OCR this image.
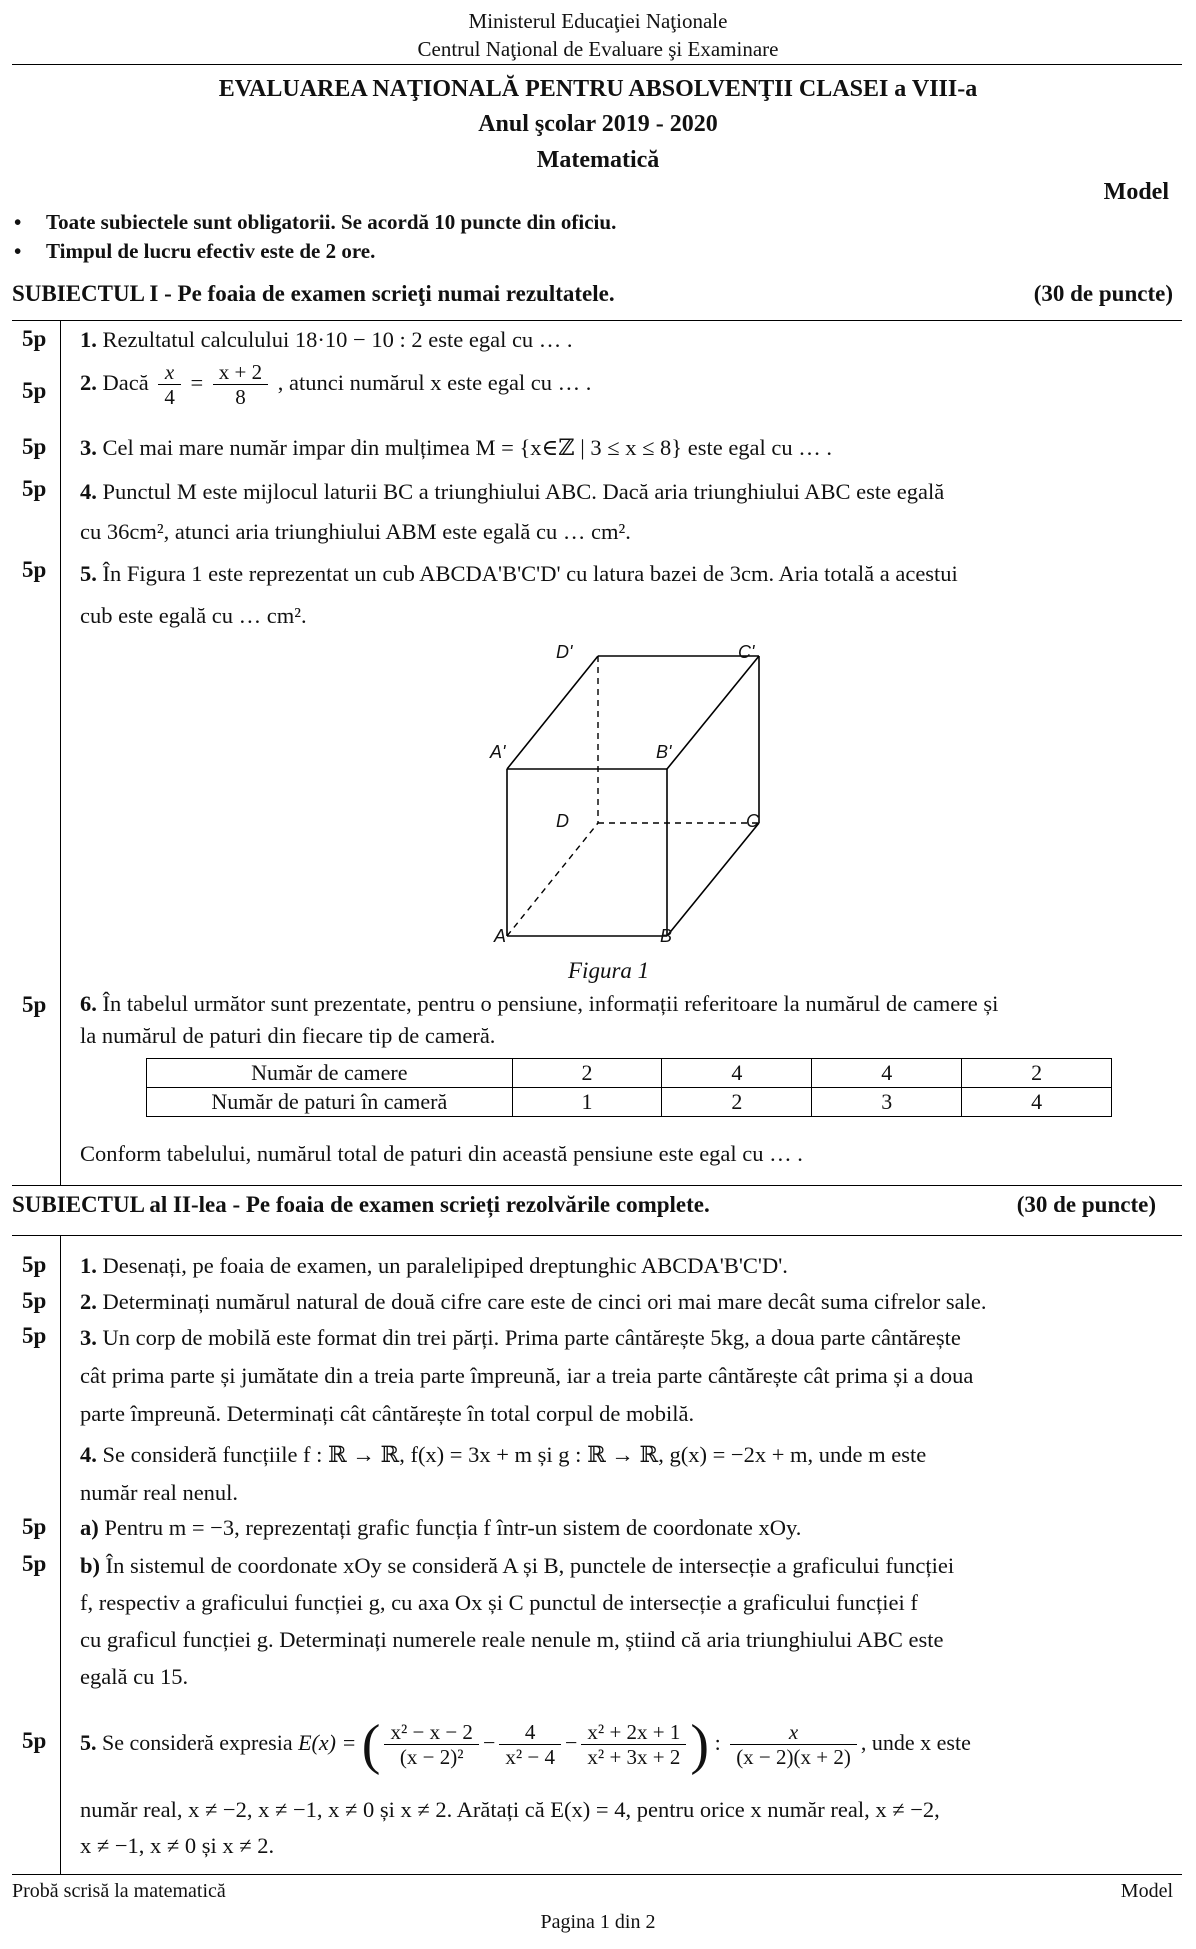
Ministerul Educaţiei Naţionale
Centrul Naţional de Evaluare şi Examinare
EVALUAREA NAŢIONALĂ PENTRU ABSOLVENŢII CLASEI a VIII-a
Anul şcolar 2019 - 2020
Matematică
Model
• Toate subiectele sunt obligatorii. Se acordă 10 puncte din oficiu.
• Timpul de lucru efectiv este de 2 ore.
SUBIECTUL I - Pe foaia de examen scrieţi numai rezultatele.	(30 de puncte)
5p 1. Rezultatul calculului 18·10 − 10 : 2 este egal cu … .
5p 2. Dacă $\frac{x}{4} = \frac{x + 2}{8}$ , atunci numărul x este egal cu … .
5p 3. Cel mai mare număr impar din mulțimea M = {x∈ℤ | 3 ≤ x ≤ 8} este egal cu … .
5p 4. Punctul M este mijlocul laturii BC a triunghiului ABC. Dacă aria triunghiului ABC este egală
cu 36cm², atunci aria triunghiului ABM este egală cu … cm².
5p 5. În Figura 1 este reprezentat un cub ABCDA'B'C'D' cu latura bazei de 3cm. Aria totală a acestui
cub este egală cu … cm².
A	B
C
D
A'	B'
C'
D'
Figura 1
5p 6. În tabelul următor sunt prezentate, pentru o pensiune, informații referitoare la numărul de camere și
la numărul de paturi din fiecare tip de cameră.
Număr de camere	2	4	4	2
Număr de paturi în cameră	1	2	3	4
Conform tabelului, numărul total de paturi din această pensiune este egal cu … .
SUBIECTUL al II-lea - Pe foaia de examen scrieți rezolvările complete.	(30 de puncte)
5p 1. Desenați, pe foaia de examen, un paralelipiped dreptunghic ABCDA'B'C'D'.
5p 2. Determinați numărul natural de două cifre care este de cinci ori mai mare decât suma cifrelor sale.
5p 3. Un corp de mobilă este format din trei părți. Prima parte cântărește 5kg, a doua parte cântărește
cât prima parte și jumătate din a treia parte împreună, iar a treia parte cântărește cât prima și a doua
parte împreună. Determinați cât cântărește în total corpul de mobilă.
4. Se consideră funcțiile f : ℝ → ℝ, f(x) = 3x + m și g : ℝ → ℝ, g(x) = −2x + m, unde m este
număr real nenul.
5p a) Pentru m = −3, reprezentați grafic funcția f într-un sistem de coordonate xOy.
5p b) În sistemul de coordonate xOy se consideră A și B, punctele de intersecție a graficului funcției
f, respectiv a graficului funcției g, cu axa Ox și C punctul de intersecție a graficului funcției f
cu graficul funcției g. Determinați numerele reale nenule m, știind că aria triunghiului ABC este
egală cu 15.
5p 5. Se consideră expresia E(x) = ( $\frac{\text{x² − x − 2}}{\text{(x − 2)²}} - \frac{4}{\text{x² − 4}} - \frac{\text{x² + 2x + 1}}{\text{x² + 3x + 2}}$ ) : $\frac{x}{(x - 2)(x + 2)}$ , unde x este
număr real, x ≠ −2, x ≠ −1, x ≠ 0 și x ≠ 2. Arătați că E(x) = 4, pentru orice x număr real, x ≠ −2,
x ≠ −1, x ≠ 0 și x ≠ 2.
Probă scrisă la matematică	Model
Pagina 1 din 2
